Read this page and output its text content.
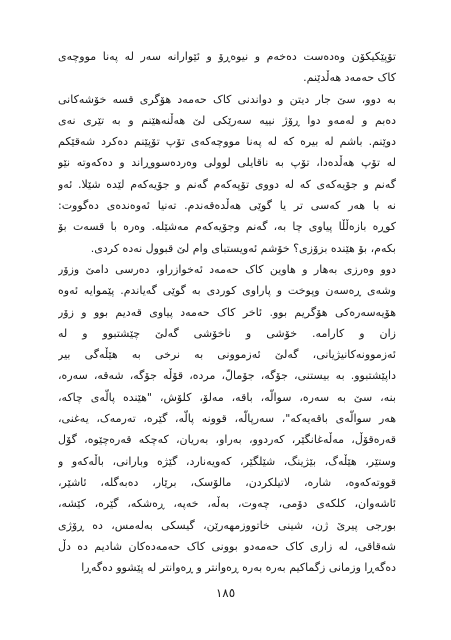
تۆپێکیکۆن وەدەست دەخەم و نیوەڕۆ و ئێوارانە سەر لە پەنا مووچەی
کاک حەمەد هەڵدێنم.
بە دوو، سێ جار دیتن و دواندنی کاک حەمەد هۆگری قسە خۆشەکانی
دەبم و لەمەو دوا ڕۆژ نییە سەرێکی لێ هەڵنەهێنم و بە تێری نەی
دوێنم. باشم لە بیرە کە لە پەنا مووچەکەی تۆپ تۆپێنم دەکرد شەقێکم
لە تۆپ هەڵدەدا، تۆپ بە ناقایلی لوولی وەردەسووڕاند و دەکەوتە نێو
گەنم و جۆیەکەی کە لە دووی تۆپەکەم گەنم و جۆیەکەم لێدە شێلا. ئەو
نە با هەر کەسی تر یا گوێی هەڵدەقەندم. تەنیا ئەوەندەی دەگووت:
کوڕە بازەڵڵا پیاوی چا بە، گەنم وجۆیەکەم مەشێلە. وەرە با قسەت بۆ
بکەم، بۆ هێندە بزۆزی؟ خۆشم ئەویستبای وام لێ قبوول نەدە کردی.
دوو وەرزی بەهار و هاوین کاک حەمەد ئەخوازراو، دەرسی دامێ وزۆر
وشەی ڕەسەن وپوخت و پاراوی کوردی بە گوێی گەیاندم. پێموایە ئەوە
هۆیەسەرەکی هۆگریم بوو. ئاخر کاک حەمەد پیاوی قەدیم بوو و زۆر
زان و کارامە. خۆشی و ناخۆشی گەلێ چێشتبوو و لە
ئەزموونەکانیژیانی، گەلێ ئەزموونی بە نرخی بە هێڵەگی بیر
داپێشتبوو. بە بیستنی، جۆگە، جۆمالّ، مردە، قۆڵە جۆگە، شەقە، سەرە،
بنە، سێ بە سەرە، سوالّە، باقە، مەلۆ، کلۆش، "هێندە پالّەی چاکە،
هەر سوالّەی باقەیەکە"، سەرپالّە، قوونە پالّە، گێرە، تەرمەک، یەغنی،
قەرەقۆڵ، مەڵەغانگێر، کەردوو، بەراو، بەریان، کەچکە قەرەچێوە، گۆل
وستێر، هێڵەگ، بێژینگ، شێلگێر، کەویەنارد، گێژە وبارانی، باڵەکەو و
قووتەکەوە، شارە، لاتیلکردن، مالۆسک، برێار، دەبەگلە، ئاشێر،
ئاشەوان، کلکەی دۆمی، چەوت، بەڵە، خەپە، ڕەشکە، گێرە، کێشە،
بورجی پیرێ ژن، شینی خاتووزمهەرێن، گیسکی بەلەمس، دە ڕۆژی
شەقاقی، لە زاری کاک حەمەدو بوونی کاک حەمەدەکان شادیم دە دڵ
دەگەڕا وزمانی زگماکیم بەرە بەرە ڕەوانتر و ڕەوانتر لە پێشوو دەگەڕا
١٨٥
